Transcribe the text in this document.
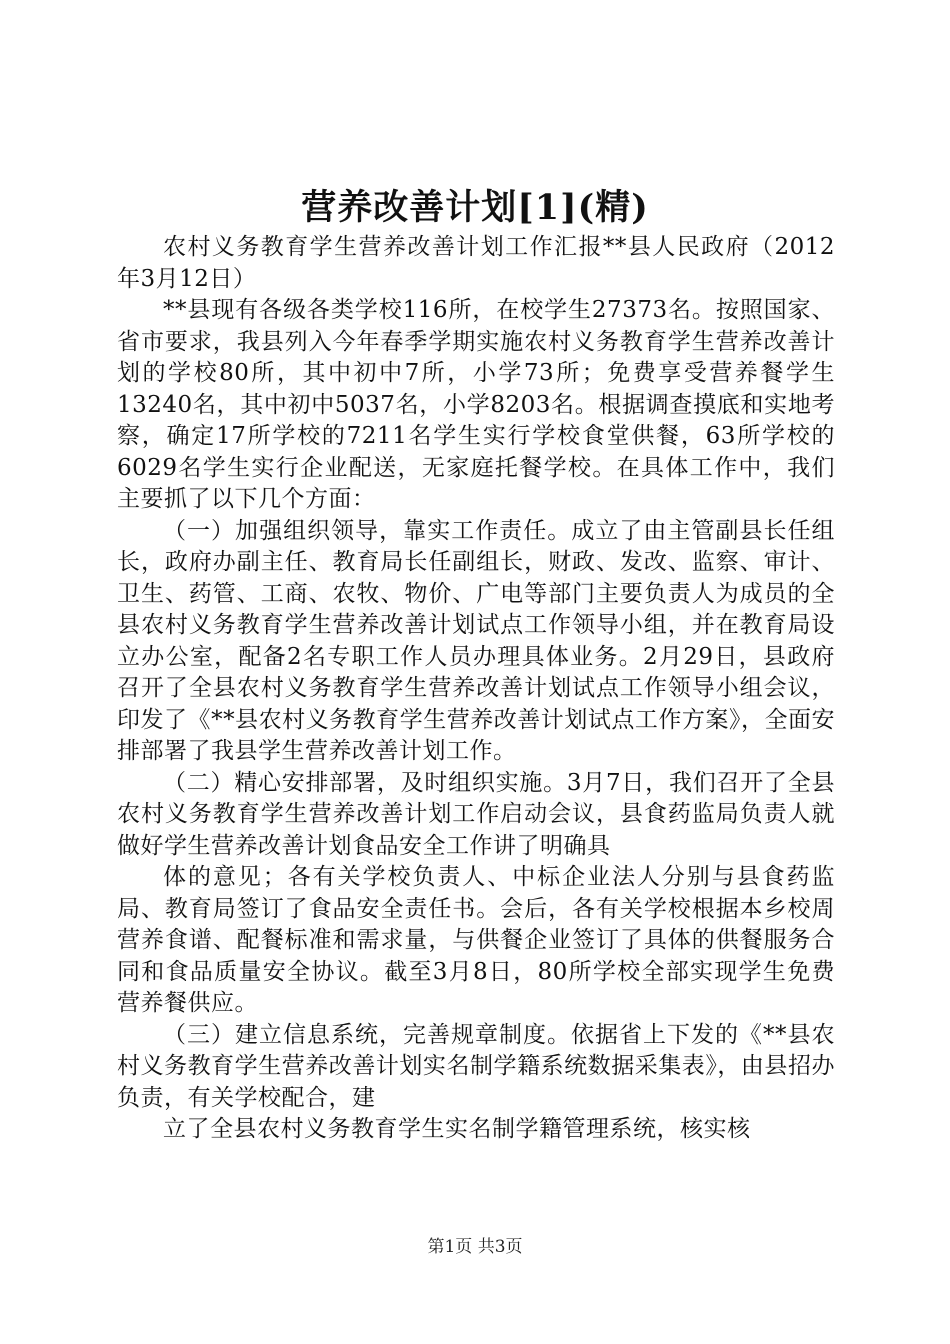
营养改善计划[1](精)

农村义务教育学生营养改善计划工作汇报**县人民政府（2012年3月12日）

**县现有各级各类学校116所，在校学生27373名。按照国家、省市要求，我县列入今年春季学期实施农村义务教育学生营养改善计划的学校80所，其中初中7所，小学73所；免费享受营养餐学生13240名，其中初中5037名，小学8203名。根据调查摸底和实地考察，确定17所学校的7211名学生实行学校食堂供餐，63所学校的6029名学生实行企业配送，无家庭托餐学校。在具体工作中，我们主要抓了以下几个方面：

（一）加强组织领导，靠实工作责任。成立了由主管副县长任组长，政府办副主任、教育局长任副组长，财政、发改、监察、审计、卫生、药管、工商、农牧、物价、广电等部门主要负责人为成员的全县农村义务教育学生营养改善计划试点工作领导小组，并在教育局设立办公室，配备2名专职工作人员办理具体业务。2月29日，县政府召开了全县农村义务教育学生营养改善计划试点工作领导小组会议，印发了《**县农村义务教育学生营养改善计划试点工作方案》，全面安排部署了我县学生营养改善计划工作。

（二）精心安排部署，及时组织实施。3月7日，我们召开了全县农村义务教育学生营养改善计划工作启动会议，县食药监局负责人就做好学生营养改善计划食品安全工作讲了明确具

体的意见；各有关学校负责人、中标企业法人分别与县食药监局、教育局签订了食品安全责任书。会后，各有关学校根据本乡校周营养食谱、配餐标准和需求量，与供餐企业签订了具体的供餐服务合同和食品质量安全协议。截至3月8日，80所学校全部实现学生免费营养餐供应。

（三）建立信息系统，完善规章制度。依据省上下发的《**县农村义务教育学生营养改善计划实名制学籍系统数据采集表》，由县招办负责，有关学校配合，建

立了全县农村义务教育学生实名制学籍管理系统，核实核

第1页 共3页
